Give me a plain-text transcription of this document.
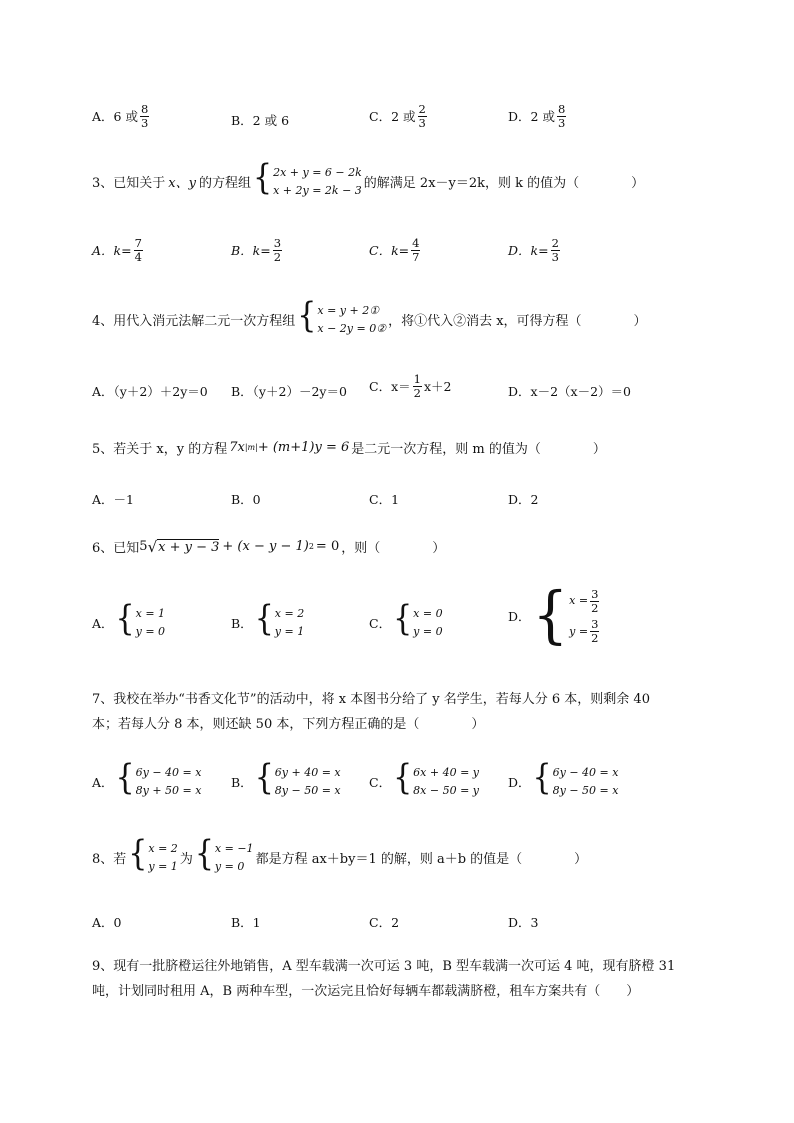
A．6 或 $\frac{8}{3}$	B．2 或 6	C．2 或 $\frac{2}{3}$	D．2 或 $\frac{8}{3}$
3、已知关于 x、y 的方程组 { 2x + y = 6 − 2k
x + 2y = 2k − 3 的解满足 2x－y＝2k，则 k 的值为（　　　　）
A．$k= \frac{7}{4}$	B．$k= \frac{3}{2}$	C．$k= \frac{4}{7}$	D．$k= \frac{2}{3}$
4、用代入消元法解二元一次方程组 { x = y + 2①
x − 2y = 0② ，将①代入②消去 x，可得方程（　　　　）
A．（y＋2）＋2y＝0 B．（y＋2）－2y＝0 C．$x= \frac{1}{2} x+2$	D．x－2（x－2）＝0
5、若关于 x，y 的方程 7x |m| + (m+1)y = 6 是二元一次方程，则 m 的值为（　　　　）
A．－1	B．0	C．1	D．2
6、已知 5 √ x + y − 3 + (x − y − 1) 2 = 0 ，则（　　　　）
A． { x = 1
y = 0
B． { x = 2
y = 1
C． { x = 0
y = 0
D． { $x = \frac{3}{2}$
$y = \frac{3}{2}$
7、我校在举办“书香文化节”的活动中，将 x 本图书分给了 y 名学生，若每人分 6 本，则剩余 40
本；若每人分 8 本，则还缺 50 本，下列方程正确的是（　　　　）
A． { 6y − 40 = x
8y + 50 = x
B． { 6y + 40 = x
8y − 50 = x
C． { 6x + 40 = y
8x − 50 = y
D． { 6y − 40 = x
8y − 50 = x
8、若 { x = 2
y = 1 为 { x = −1
y = 0 都是方程 ax＋by＝1 的解，则 a＋b 的值是（　　　　）
A．0	B．1	C．2	D．3
9、现有一批脐橙运往外地销售，A 型车载满一次可运 3 吨，B 型车载满一次可运 4 吨，现有脐橙 31
吨，计划同时租用 A，B 两种车型，一次运完且恰好每辆车都载满脐橙，租车方案共有（　　）
